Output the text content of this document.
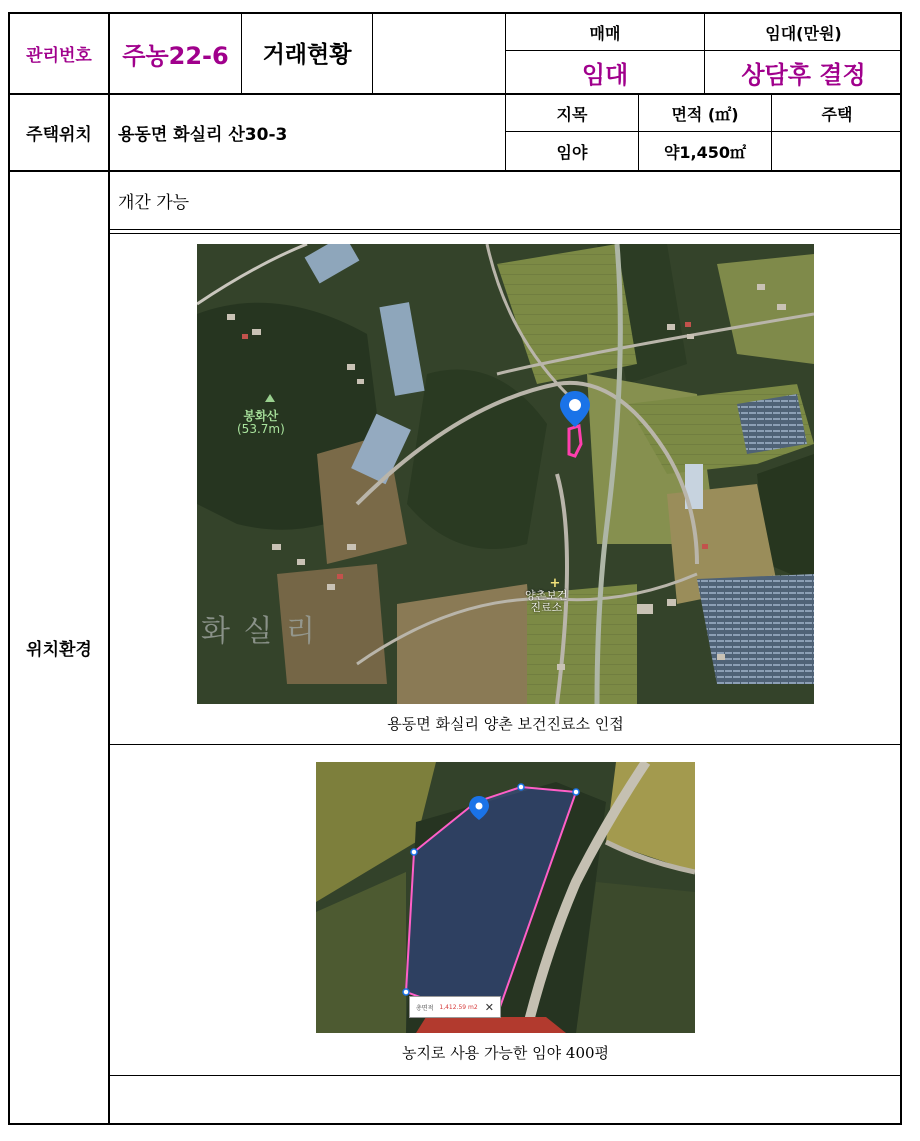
관리번호	주농22-6	거래현황
매매	임대(만원)
임대	상담후 결정
주택위치	용동면 화실리 산30-3
지목	면적 (㎡)	주택
임야	약1,450㎡
위치환경
개간 가능
+
봉화산
(53.7m)
화 실 리
양촌보건
진료소
용동면 화실리 양촌 보건진료소 인접
총면적 1,412.59 m2 ✕
농지로 사용 가능한 임야 400평
